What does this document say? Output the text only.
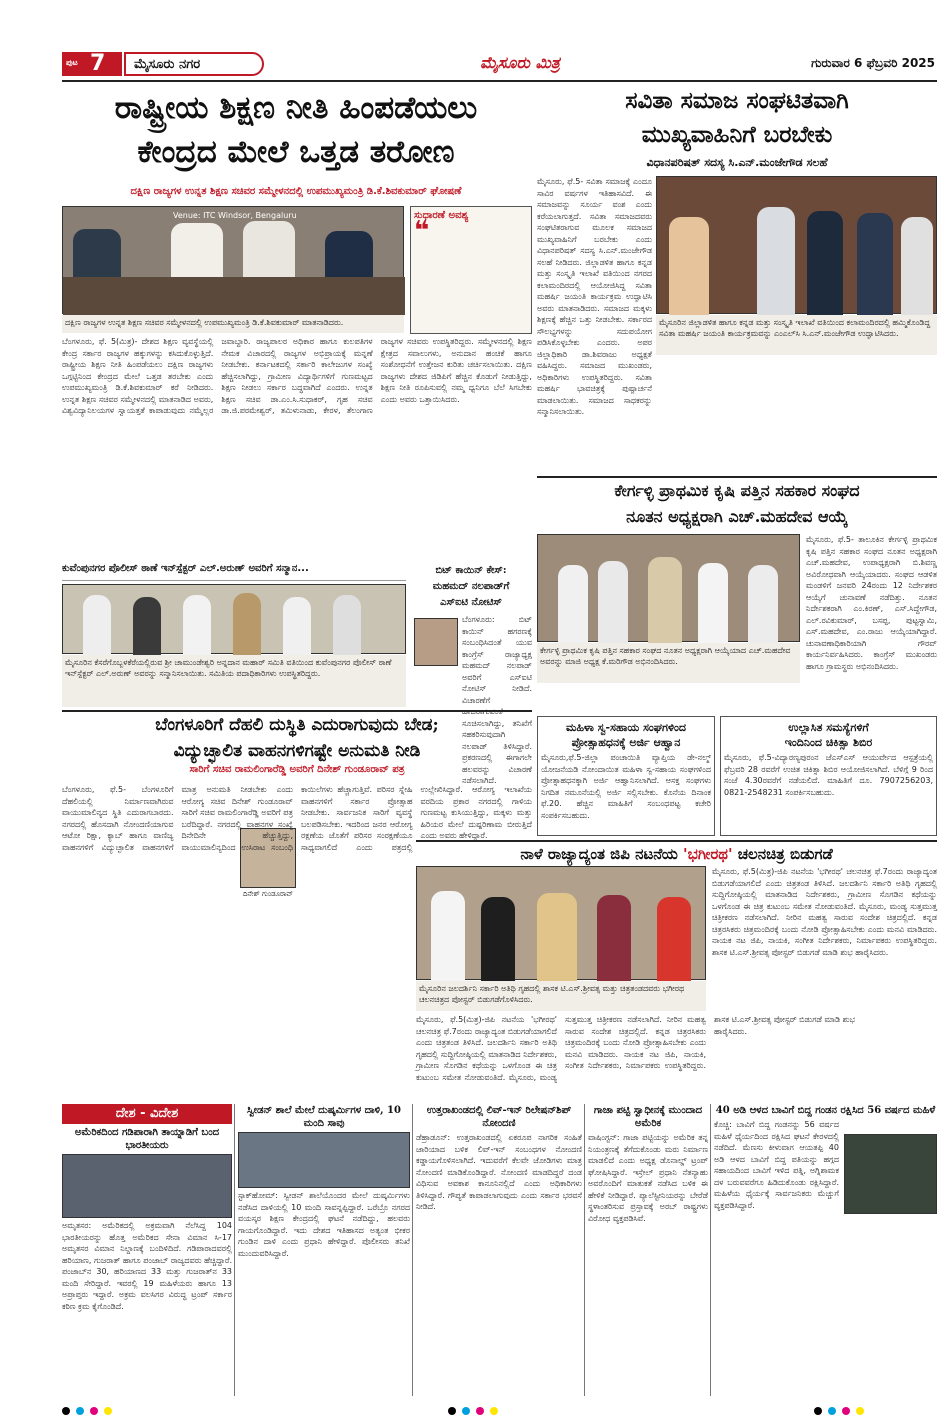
ಪುಟ 7	ಮೈಸೂರು ನಗರ	ಮೈಸೂರು ಮಿತ್ರ	ಗುರುವಾರ 6 ಫೆಬ್ರವರಿ 2025
ರಾಷ್ಟ್ರೀಯ ಶಿಕ್ಷಣ ನೀತಿ ಹಿಂಪಡೆಯಲು
ಕೇಂದ್ರದ ಮೇಲೆ ಒತ್ತಡ ತರೋಣ
ದಕ್ಷಿಣ ರಾಜ್ಯಗಳ ಉನ್ನತ ಶಿಕ್ಷಣ ಸಚಿವರ ಸಮ್ಮೇಳನದಲ್ಲಿ ಉಪಮುಖ್ಯಮಂತ್ರಿ ಡಿ.ಕೆ.ಶಿವಕುಮಾರ್ ಘೋಷಣೆ
Venue: ITC Windsor, Bengaluru
ದಕ್ಷಿಣ ರಾಜ್ಯಗಳ ಉನ್ನತ ಶಿಕ್ಷಣ ಸಚಿವರ ಸಮ್ಮೇಳನದಲ್ಲಿ ಉಪಮುಖ್ಯಮಂತ್ರಿ ಡಿ.ಕೆ.ಶಿವಕುಮಾರ್ ಮಾತನಾಡಿದರು.
ಸುಧಾರಣೆ ಅವಶ್ಯ
❝
ಬೆಂಗಳೂರು, ಫೆ. 5(ಮಿತ್ರ)- ದೇಶದ ಶಿಕ್ಷಣ ವ್ಯವಸ್ಥೆಯಲ್ಲಿ ಕೇಂದ್ರ ಸರ್ಕಾರ ರಾಜ್ಯಗಳ ಹಕ್ಕುಗಳನ್ನು ಕಸಿದುಕೊಳ್ಳುತ್ತಿದೆ. ರಾಷ್ಟ್ರೀಯ ಶಿಕ್ಷಣ ನೀತಿ ಹಿಂಪಡೆಯಲು ದಕ್ಷಿಣ ರಾಜ್ಯಗಳು ಒಗ್ಗಟ್ಟಿನಿಂದ ಕೇಂದ್ರದ ಮೇಲೆ ಒತ್ತಡ ತರಬೇಕು ಎಂದು ಉಪಮುಖ್ಯಮಂತ್ರಿ ಡಿ.ಕೆ.ಶಿವಕುಮಾರ್ ಕರೆ ನೀಡಿದರು. ಉನ್ನತ ಶಿಕ್ಷಣ ಸಚಿವರ ಸಮ್ಮೇಳನದಲ್ಲಿ ಮಾತನಾಡಿದ ಅವರು, ವಿಶ್ವವಿದ್ಯಾನಿಲಯಗಳ ಸ್ವಾಯತ್ತತೆ ಕಾಪಾಡುವುದು ನಮ್ಮೆಲ್ಲರ ಜವಾಬ್ದಾರಿ. ರಾಜ್ಯಪಾಲರ ಅಧಿಕಾರ ಹಾಗೂ ಕುಲಪತಿಗಳ ನೇಮಕ ವಿಚಾರದಲ್ಲಿ ರಾಜ್ಯಗಳ ಅಭಿಪ್ರಾಯಕ್ಕೆ ಮನ್ನಣೆ ನೀಡಬೇಕು. ಕರ್ನಾಟಕದಲ್ಲಿ ಸರ್ಕಾರಿ ಕಾಲೇಜುಗಳ ಸಂಖ್ಯೆ ಹೆಚ್ಚಿಸಲಾಗಿದ್ದು, ಗ್ರಾಮೀಣ ವಿದ್ಯಾರ್ಥಿಗಳಿಗೆ ಗುಣಮಟ್ಟದ ಶಿಕ್ಷಣ ನೀಡಲು ಸರ್ಕಾರ ಬದ್ಧವಾಗಿದೆ ಎಂದರು. ಉನ್ನತ ಶಿಕ್ಷಣ ಸಚಿವ ಡಾ.ಎಂ.ಸಿ.ಸುಧಾಕರ್, ಗೃಹ ಸಚಿವ ಡಾ.ಜಿ.ಪರಮೇಶ್ವರ್, ತಮಿಳುನಾಡು, ಕೇರಳ, ತೆಲಂಗಾಣ ರಾಜ್ಯಗಳ ಸಚಿವರು ಉಪಸ್ಥಿತರಿದ್ದರು. ಸಮ್ಮೇಳನದಲ್ಲಿ ಶಿಕ್ಷಣ ಕ್ಷೇತ್ರದ ಸವಾಲುಗಳು, ಅನುದಾನ ಹಂಚಿಕೆ ಹಾಗೂ ಸಂಶೋಧನೆಗೆ ಉತ್ತೇಜನ ಕುರಿತು ಚರ್ಚಿಸಲಾಯಿತು. ದಕ್ಷಿಣ ರಾಜ್ಯಗಳು ದೇಶದ ಜಿಡಿಪಿಗೆ ಹೆಚ್ಚಿನ ಕೊಡುಗೆ ನೀಡುತ್ತಿದ್ದು, ಶಿಕ್ಷಣ ನೀತಿ ರೂಪಿಸುವಲ್ಲಿ ನಮ್ಮ ಧ್ವನಿಗೂ ಬೆಲೆ ಸಿಗಬೇಕು ಎಂದು ಅವರು ಒತ್ತಾಯಿಸಿದರು.
ಸವಿತಾ ಸಮಾಜ ಸಂಘಟಿತವಾಗಿ
ಮುಖ್ಯವಾಹಿನಿಗೆ ಬರಬೇಕು
ವಿಧಾನಪರಿಷತ್ ಸದಸ್ಯ ಸಿ.ಎನ್.ಮಂಜೇಗೌಡ ಸಲಹೆ
ಮೈಸೂರು, ಫೆ.5- ಸವಿತಾ ಸಮಾಜಕ್ಕೆ ಎಂದೂ ಸಾವಿರ ವರ್ಷಗಳ ಇತಿಹಾಸವಿದೆ. ಈ ಸಮಾಜವನ್ನು ಸೂರ್ಯ ವಂಶ ಎಂದು ಕರೆಯಲಾಗುತ್ತದೆ. ಸವಿತಾ ಸಮಾಜದವರು ಸಂಘಟಿತರಾಗುವ ಮೂಲಕ ಸಮಾಜದ ಮುಖ್ಯವಾಹಿನಿಗೆ ಬರಬೇಕು ಎಂದು ವಿಧಾನಪರಿಷತ್ ಸದಸ್ಯ ಸಿ.ಎನ್.ಮಂಜೇಗೌಡ ಸಲಹೆ ನೀಡಿದರು. ಜಿಲ್ಲಾಡಳಿತ ಹಾಗೂ ಕನ್ನಡ ಮತ್ತು ಸಂಸ್ಕೃತಿ ಇಲಾಖೆ ವತಿಯಿಂದ ನಗರದ ಕಲಾಮಂದಿರದಲ್ಲಿ ಆಯೋಜಿಸಿದ್ದ ಸವಿತಾ ಮಹರ್ಷಿ ಜಯಂತಿ ಕಾರ್ಯಕ್ರಮ ಉದ್ಘಾಟಿಸಿ ಅವರು ಮಾತನಾಡಿದರು. ಸಮಾಜದ ಮಕ್ಕಳು ಶಿಕ್ಷಣಕ್ಕೆ ಹೆಚ್ಚಿನ ಒತ್ತು ನೀಡಬೇಕು. ಸರ್ಕಾರದ ಸೌಲಭ್ಯಗಳನ್ನು ಸದುಪಯೋಗ ಪಡಿಸಿಕೊಳ್ಳಬೇಕು ಎಂದರು. ಅಪರ ಜಿಲ್ಲಾಧಿಕಾರಿ ಡಾ.ಶಿವರಾಜು ಅಧ್ಯಕ್ಷತೆ ವಹಿಸಿದ್ದರು. ಸಮಾಜದ ಮುಖಂಡರು, ಅಧಿಕಾರಿಗಳು ಉಪಸ್ಥಿತರಿದ್ದರು. ಸವಿತಾ ಮಹರ್ಷಿ ಭಾವಚಿತ್ರಕ್ಕೆ ಪುಷ್ಪಾರ್ಚನೆ ಮಾಡಲಾಯಿತು. ಸಮಾಜದ ಸಾಧಕರನ್ನು ಸನ್ಮಾನಿಸಲಾಯಿತು.
ಮೈಸೂರಿನ ಜಿಲ್ಲಾಡಳಿತ ಹಾಗೂ ಕನ್ನಡ ಮತ್ತು ಸಂಸ್ಕೃತಿ ಇಲಾಖೆ ವತಿಯಿಂದ ಕಲಾಮಂದಿರದಲ್ಲಿ ಹಮ್ಮಿಕೊಂಡಿದ್ದ ಸವಿತಾ ಮಹರ್ಷಿ ಜಯಂತಿ ಕಾರ್ಯಕ್ರಮವನ್ನು ಎಂಎಲ್‌ಸಿ ಸಿ.ಎನ್.ಮಂಜೇಗೌಡ ಉದ್ಘಾಟಿಸಿದರು.
ಕೇರ್ಗಳ್ಳಿ ಪ್ರಾಥಮಿಕ ಕೃಷಿ ಪತ್ತಿನ ಸಹಕಾರ ಸಂಘದ
ನೂತನ ಅಧ್ಯಕ್ಷರಾಗಿ ಎಚ್.ಮಹದೇವ ಆಯ್ಕೆ
ಕೇರ್ಗಳ್ಳಿ ಪ್ರಾಥಮಿಕ ಕೃಷಿ ಪತ್ತಿನ ಸಹಕಾರ ಸಂಘದ ನೂತನ ಅಧ್ಯಕ್ಷರಾಗಿ ಆಯ್ಕೆಯಾದ ಎಚ್.ಮಹದೇವ ಅವರನ್ನು ಮಾಜಿ ಅಧ್ಯಕ್ಷ ಕೆ.ಮರಿಗೌಡ ಅಭಿನಂದಿಸಿದರು.
ಮೈಸೂರು, ಫೆ.5- ತಾಲೂಕಿನ ಕೇರ್ಗಳ್ಳಿ ಪ್ರಾಥಮಿಕ ಕೃಷಿ ಪತ್ತಿನ ಸಹಕಾರ ಸಂಘದ ನೂತನ ಅಧ್ಯಕ್ಷರಾಗಿ ಎಚ್.ಮಹದೇವ, ಉಪಾಧ್ಯಕ್ಷರಾಗಿ ಬಿ.ಶಿವಣ್ಣ ಅವಿರೋಧವಾಗಿ ಆಯ್ಕೆಯಾದರು. ಸಂಘದ ಆಡಳಿತ ಮಂಡಳಿಗೆ ಜನವರಿ 24ರಂದು 12 ನಿರ್ದೇಶಕರ ಆಯ್ಕೆಗೆ ಚುನಾವಣೆ ನಡೆದಿತ್ತು. ನೂತನ ನಿರ್ದೇಶಕರಾಗಿ ಎಂ.ಕಿರಣ್, ಎಸ್.ಸಿದ್ದೇಗೌಡ, ಎಲ್.ರವಿಕುಮಾರ್, ಬಸಪ್ಪ, ಪುಟ್ಟಸ್ವಾಮಿ, ಎಸ್.ಮಹದೇವ, ಎಂ.ರಾಜು ಆಯ್ಕೆಯಾಗಿದ್ದಾರೆ. ಚುನಾವಣಾಧಿಕಾರಿಯಾಗಿ ಗೌರವ್ ಕಾರ್ಯನಿರ್ವಹಿಸಿದರು. ಕಾಂಗ್ರೆಸ್ ಮುಖಂಡರು ಹಾಗೂ ಗ್ರಾಮಸ್ಥರು ಅಭಿನಂದಿಸಿದರು.
ಕುವೆಂಪುನಗರ ಪೊಲೀಸ್ ಠಾಣೆ ಇನ್‌ಸ್ಪೆಕ್ಟರ್ ಎಲ್.ಅರುಣ್ ಅವರಿಗೆ ಸನ್ಮಾನ...
ಮೈಸೂರಿನ ಕೆಸರೆಗೊಬ್ಬಳಕೆರೆಯಲ್ಲಿರುವ ಶ್ರೀ ಚಾಮುಂಡೇಶ್ವರಿ ಅನ್ನದಾನ ಮಹಾರ್ ಸಮಿತಿ ವತಿಯಿಂದ ಕುವೆಂಪುನಗರ ಪೊಲೀಸ್ ಠಾಣೆ ಇನ್‌ಸ್ಪೆಕ್ಟರ್ ಎಲ್.ಅರುಣ್ ಅವರನ್ನು ಸನ್ಮಾನಿಸಲಾಯಿತು. ಸಮಿತಿಯ ಪದಾಧಿಕಾರಿಗಳು ಉಪಸ್ಥಿತರಿದ್ದರು.
ಬಿಟ್ ಕಾಯಿನ್ ಕೇಸ್:
ಮಹಮದ್ ನಲಪಾಡ್‌ಗೆ
ಎಸ್‌ಐಟಿ ನೋಟಿಸ್
ಬೆಂಗಳೂರು: ಬಿಟ್ ಕಾಯಿನ್ ಹಗರಣಕ್ಕೆ ಸಂಬಂಧಿಸಿದಂತೆ ಯುವ ಕಾಂಗ್ರೆಸ್ ರಾಜ್ಯಾಧ್ಯಕ್ಷ ಮಹಮದ್ ನಲಪಾಡ್ ಅವರಿಗೆ ಎಸ್‌ಐಟಿ ನೋಟಿಸ್ ನೀಡಿದೆ. ವಿಚಾರಣೆಗೆ ಹಾಜರಾಗುವಂತೆ ಸೂಚಿಸಲಾಗಿದ್ದು, ತನಿಖೆಗೆ ಸಹಕರಿಸುವುದಾಗಿ ನಲಪಾಡ್ ತಿಳಿಸಿದ್ದಾರೆ. ಪ್ರಕರಣದಲ್ಲಿ ಈಗಾಗಲೇ ಹಲವರನ್ನು ವಿಚಾರಣೆ ನಡೆಸಲಾಗಿದೆ.
ಬೆಂಗಳೂರಿಗೆ ದೆಹಲಿ ದುಸ್ಥಿತಿ ಎದುರಾಗುವುದು ಬೇಡ;
ವಿದ್ಯುಚ್ಛಾಲಿತ ವಾಹನಗಳಿಗಷ್ಟೇ ಅನುಮತಿ ನೀಡಿ
ಸಾರಿಗೆ ಸಚಿವ ರಾಮಲಿಂಗಾರೆಡ್ಡಿ ಅವರಿಗೆ ದಿನೇಶ್ ಗುಂಡೂರಾವ್ ಪತ್ರ
ದಿನೇಶ್ ಗುಂಡೂರಾವ್
ಬೆಂಗಳೂರು, ಫೆ.5- ಬೆಂಗಳೂರಿಗೆ ದೆಹಲಿಯಲ್ಲಿ ನಿರ್ಮಾಣವಾಗಿರುವ ವಾಯುಮಾಲಿನ್ಯದ ಸ್ಥಿತಿ ಎದುರಾಗಬಾರದು. ನಗರದಲ್ಲಿ ಹೊಸದಾಗಿ ನೋಂದಣಿಯಾಗುವ ಆಟೋ ರಿಕ್ಷಾ, ಕ್ಯಾಬ್ ಹಾಗೂ ವಾಣಿಜ್ಯ ವಾಹನಗಳಿಗೆ ವಿದ್ಯುಚ್ಛಾಲಿತ ವಾಹನಗಳಿಗೆ ಮಾತ್ರ ಅನುಮತಿ ನೀಡಬೇಕು ಎಂದು ಆರೋಗ್ಯ ಸಚಿವ ದಿನೇಶ್ ಗುಂಡೂರಾವ್ ಸಾರಿಗೆ ಸಚಿವ ರಾಮಲಿಂಗಾರೆಡ್ಡಿ ಅವರಿಗೆ ಪತ್ರ ಬರೆದಿದ್ದಾರೆ. ನಗರದಲ್ಲಿ ವಾಹನಗಳ ಸಂಖ್ಯೆ ದಿನೇದಿನೇ ಹೆಚ್ಚುತ್ತಿದ್ದು, ವಾಯುಮಾಲಿನ್ಯದಿಂದ ಉಸಿರಾಟ ಸಂಬಂಧಿ ಕಾಯಿಲೆಗಳು ಹೆಚ್ಚಾಗುತ್ತಿವೆ. ಪರಿಸರ ಸ್ನೇಹಿ ವಾಹನಗಳಿಗೆ ಸರ್ಕಾರ ಪ್ರೋತ್ಸಾಹ ನೀಡಬೇಕು. ಸಾರ್ವಜನಿಕ ಸಾರಿಗೆ ವ್ಯವಸ್ಥೆ ಬಲಪಡಿಸಬೇಕು. ಇದರಿಂದ ಜನರ ಆರೋಗ್ಯ ರಕ್ಷಣೆಯ ಜೊತೆಗೆ ಪರಿಸರ ಸಂರಕ್ಷಣೆಯೂ ಸಾಧ್ಯವಾಗಲಿದೆ ಎಂದು ಪತ್ರದಲ್ಲಿ ಉಲ್ಲೇಖಿಸಿದ್ದಾರೆ. ಆರೋಗ್ಯ ಇಲಾಖೆಯ ವರದಿಯ ಪ್ರಕಾರ ನಗರದಲ್ಲಿ ಗಾಳಿಯ ಗುಣಮಟ್ಟ ಕುಸಿಯುತ್ತಿದ್ದು, ಮಕ್ಕಳು ಮತ್ತು ಹಿರಿಯರ ಮೇಲೆ ದುಷ್ಪರಿಣಾಮ ಬೀರುತ್ತಿದೆ ಎಂದು ಅವರು ಹೇಳಿದ್ದಾರೆ.
ಮಹಿಳಾ ಸ್ವ-ಸಹಾಯ ಸಂಘಗಳಿಂದ
ಪ್ರೋತ್ಸಾಹಧನಕ್ಕೆ ಅರ್ಜಿ ಆಹ್ವಾನ
ಮೈಸೂರು,ಫೆ.5-ಜಿಲ್ಲಾ ಪಂಚಾಯಿತಿ ವ್ಯಾಪ್ತಿಯ ಡೇ-ನಲ್ಮ್ ಯೋಜನೆಯಡಿ ನೋಂದಾಯಿತ ಮಹಿಳಾ ಸ್ವ-ಸಹಾಯ ಸಂಘಗಳಿಂದ ಪ್ರೋತ್ಸಾಹಧನಕ್ಕಾಗಿ ಅರ್ಜಿ ಆಹ್ವಾನಿಸಲಾಗಿದೆ. ಆಸಕ್ತ ಸಂಘಗಳು ನಿಗದಿತ ನಮೂನೆಯಲ್ಲಿ ಅರ್ಜಿ ಸಲ್ಲಿಸಬೇಕು. ಕೊನೆಯ ದಿನಾಂಕ ಫೆ.20. ಹೆಚ್ಚಿನ ಮಾಹಿತಿಗೆ ಸಂಬಂಧಪಟ್ಟ ಕಚೇರಿ ಸಂಪರ್ಕಿಸಬಹುದು.
ಉಲ್ಲಾಸಿತ ಸಮಸ್ಯೆಗಳಿಗೆ
ಇಂದಿನಿಂದ ಚಿಕಿತ್ಸಾ ಶಿಬಿರ
ಮೈಸೂರು, ಫೆ.5-ವಿದ್ಯಾರಣ್ಯಪುರಂನ ಜೆಎಸ್‌ಎಸ್ ಆಯುರ್ವೇದ ಆಸ್ಪತ್ರೆಯಲ್ಲಿ ಫೆಬ್ರವರಿ 28 ರವರೆಗೆ ಉಚಿತ ಚಿಕಿತ್ಸಾ ಶಿಬಿರ ಆಯೋಜಿಸಲಾಗಿದೆ. ಬೆಳಿಗ್ಗೆ 9 ರಿಂದ ಸಂಜೆ 4.30ರವರೆಗೆ ನಡೆಯಲಿದೆ. ಮಾಹಿತಿಗೆ ದೂ. 7907256203, 0821-2548231 ಸಂಪರ್ಕಿಸಬಹುದು.
ನಾಳೆ ರಾಜ್ಯಾದ್ಯಂತ ಜಿಪಿ ನಟನೆಯ 'ಭಗೀರಥ' ಚಲನಚಿತ್ರ ಬಿಡುಗಡೆ
ಮೈಸೂರಿನ ಜಲದರ್ಶಿನಿ ಸರ್ಕಾರಿ ಅತಿಥಿ ಗೃಹದಲ್ಲಿ ಶಾಸಕ ಟಿ.ಎಸ್.ಶ್ರೀವತ್ಸ ಮತ್ತು ಚಿತ್ರತಂಡದವರು ಭಗೀರಥ ಚಲನಚಿತ್ರದ ಪೋಸ್ಟರ್ ಬಿಡುಗಡೆಗೊಳಿಸಿದರು.
ಮೈಸೂರು, ಫೆ.5(ಮಿತ್ರ)-ಜಿಪಿ ನಟನೆಯ 'ಭಗೀರಥ' ಚಲನಚಿತ್ರ ಫೆ.7ರಂದು ರಾಜ್ಯಾದ್ಯಂತ ಬಿಡುಗಡೆಯಾಗಲಿದೆ ಎಂದು ಚಿತ್ರತಂಡ ತಿಳಿಸಿದೆ. ಜಲದರ್ಶಿನಿ ಸರ್ಕಾರಿ ಅತಿಥಿ ಗೃಹದಲ್ಲಿ ಸುದ್ದಿಗೋಷ್ಠಿಯಲ್ಲಿ ಮಾತನಾಡಿದ ನಿರ್ದೇಶಕರು, ಗ್ರಾಮೀಣ ಸೊಗಡಿನ ಕಥೆಯನ್ನು ಒಳಗೊಂಡ ಈ ಚಿತ್ರ ಕುಟುಂಬ ಸಮೇತ ನೋಡುವಂತಿದೆ. ಮೈಸೂರು, ಮಂಡ್ಯ ಸುತ್ತಮುತ್ತ ಚಿತ್ರೀಕರಣ ನಡೆಸಲಾಗಿದೆ. ನೀರಿನ ಮಹತ್ವ ಸಾರುವ ಸಂದೇಶ ಚಿತ್ರದಲ್ಲಿದೆ. ಕನ್ನಡ ಚಿತ್ರರಸಿಕರು ಚಿತ್ರಮಂದಿರಕ್ಕೆ ಬಂದು ನೋಡಿ ಪ್ರೋತ್ಸಾಹಿಸಬೇಕು ಎಂದು ಮನವಿ ಮಾಡಿದರು. ನಾಯಕ ನಟ ಜಿಪಿ, ನಾಯಕಿ, ಸಂಗೀತ ನಿರ್ದೇಶಕರು, ನಿರ್ಮಾಪಕರು ಉಪಸ್ಥಿತರಿದ್ದರು. ಶಾಸಕ ಟಿ.ಎಸ್.ಶ್ರೀವತ್ಸ ಪೋಸ್ಟರ್ ಬಿಡುಗಡೆ ಮಾಡಿ ಶುಭ ಹಾರೈಸಿದರು.
ಮೈಸೂರು, ಫೆ.5(ಮಿತ್ರ)-ಜಿಪಿ ನಟನೆಯ 'ಭಗೀರಥ' ಚಲನಚಿತ್ರ ಫೆ.7ರಂದು ರಾಜ್ಯಾದ್ಯಂತ ಬಿಡುಗಡೆಯಾಗಲಿದೆ ಎಂದು ಚಿತ್ರತಂಡ ತಿಳಿಸಿದೆ. ಜಲದರ್ಶಿನಿ ಸರ್ಕಾರಿ ಅತಿಥಿ ಗೃಹದಲ್ಲಿ ಸುದ್ದಿಗೋಷ್ಠಿಯಲ್ಲಿ ಮಾತನಾಡಿದ ನಿರ್ದೇಶಕರು, ಗ್ರಾಮೀಣ ಸೊಗಡಿನ ಕಥೆಯನ್ನು ಒಳಗೊಂಡ ಈ ಚಿತ್ರ ಕುಟುಂಬ ಸಮೇತ ನೋಡುವಂತಿದೆ. ಮೈಸೂರು, ಮಂಡ್ಯ ಸುತ್ತಮುತ್ತ ಚಿತ್ರೀಕರಣ ನಡೆಸಲಾಗಿದೆ. ನೀರಿನ ಮಹತ್ವ ಸಾರುವ ಸಂದೇಶ ಚಿತ್ರದಲ್ಲಿದೆ. ಕನ್ನಡ ಚಿತ್ರರಸಿಕರು ಚಿತ್ರಮಂದಿರಕ್ಕೆ ಬಂದು ನೋಡಿ ಪ್ರೋತ್ಸಾಹಿಸಬೇಕು ಎಂದು ಮನವಿ ಮಾಡಿದರು. ನಾಯಕ ನಟ ಜಿಪಿ, ನಾಯಕಿ, ಸಂಗೀತ ನಿರ್ದೇಶಕರು, ನಿರ್ಮಾಪಕರು ಉಪಸ್ಥಿತರಿದ್ದರು. ಶಾಸಕ ಟಿ.ಎಸ್.ಶ್ರೀವತ್ಸ ಪೋಸ್ಟರ್ ಬಿಡುಗಡೆ ಮಾಡಿ ಶುಭ ಹಾರೈಸಿದರು.
ದೇಶ - ವಿದೇಶ
ಅಮೆರಿಕದಿಂದ ಗಡಿಪಾರಾಗಿ ತಾಯ್ನಾಡಿಗೆ ಬಂದ ಭಾರತೀಯರು
ಅಮೃತಸರ: ಅಮೆರಿಕದಲ್ಲಿ ಅಕ್ರಮವಾಗಿ ನೆಲೆಸಿದ್ದ 104 ಭಾರತೀಯರನ್ನು ಹೊತ್ತ ಅಮೆರಿಕದ ಸೇನಾ ವಿಮಾನ ಸಿ-17 ಅಮೃತಸರ ವಿಮಾನ ನಿಲ್ದಾಣಕ್ಕೆ ಬಂದಿಳಿದಿದೆ. ಗಡಿಪಾರಾದವರಲ್ಲಿ ಹರಿಯಾಣ, ಗುಜರಾತ್ ಹಾಗೂ ಪಂಜಾಬ್ ರಾಜ್ಯದವರು ಹೆಚ್ಚಿದ್ದಾರೆ. ಪಂಜಾಬ್‌ನ 30, ಹರಿಯಾಣದ 33 ಮತ್ತು ಗುಜರಾತ್‌ನ 33 ಮಂದಿ ಸೇರಿದ್ದಾರೆ. ಇವರಲ್ಲಿ 19 ಮಹಿಳೆಯರು ಹಾಗೂ 13 ಅಪ್ರಾಪ್ತರು ಇದ್ದಾರೆ. ಅಕ್ರಮ ವಲಸಿಗರ ವಿರುದ್ಧ ಟ್ರಂಪ್ ಸರ್ಕಾರ ಕಠಿಣ ಕ್ರಮ ಕೈಗೊಂಡಿದೆ.
ಸ್ವೀಡನ್ ಶಾಲೆ ಮೇಲೆ ದುಷ್ಕರ್ಮಿಗಳ ದಾಳಿ, 10 ಮಂದಿ ಸಾವು
ಸ್ಟಾಕ್‌ಹೋಮ್: ಸ್ವೀಡನ್ ಶಾಲೆಯೊಂದರ ಮೇಲೆ ದುಷ್ಕರ್ಮಿಗಳು ನಡೆಸಿದ ದಾಳಿಯಲ್ಲಿ 10 ಮಂದಿ ಸಾವನ್ನಪ್ಪಿದ್ದಾರೆ. ಒರೆಬ್ರೊ ನಗರದ ವಯಸ್ಕರ ಶಿಕ್ಷಣ ಕೇಂದ್ರದಲ್ಲಿ ಘಟನೆ ನಡೆದಿದ್ದು, ಹಲವರು ಗಾಯಗೊಂಡಿದ್ದಾರೆ. ಇದು ದೇಶದ ಇತಿಹಾಸದ ಅತ್ಯಂತ ಭೀಕರ ಗುಂಡಿನ ದಾಳಿ ಎಂದು ಪ್ರಧಾನಿ ಹೇಳಿದ್ದಾರೆ. ಪೊಲೀಸರು ತನಿಖೆ ಮುಂದುವರಿಸಿದ್ದಾರೆ.
ಉತ್ತರಾಖಂಡದಲ್ಲಿ ಲಿವ್-ಇನ್ ರಿಲೇಷನ್‌ಶಿಪ್ ನೋಂದಣಿ
ಡೆಹ್ರಾಡೂನ್: ಉತ್ತರಾಖಂಡದಲ್ಲಿ ಏಕರೂಪ ನಾಗರಿಕ ಸಂಹಿತೆ ಜಾರಿಯಾದ ಬಳಿಕ ಲಿವ್-ಇನ್ ಸಂಬಂಧಗಳ ನೋಂದಣಿ ಕಡ್ಡಾಯಗೊಳಿಸಲಾಗಿದೆ. ಇದುವರೆಗೆ ಕೆಲವೇ ಜೋಡಿಗಳು ಮಾತ್ರ ನೋಂದಣಿ ಮಾಡಿಕೊಂಡಿದ್ದಾರೆ. ನೋಂದಣಿ ಮಾಡದಿದ್ದರೆ ದಂಡ ವಿಧಿಸುವ ಅವಕಾಶ ಕಾನೂನಿನಲ್ಲಿದೆ ಎಂದು ಅಧಿಕಾರಿಗಳು ತಿಳಿಸಿದ್ದಾರೆ. ಗೌಪ್ಯತೆ ಕಾಪಾಡಲಾಗುವುದು ಎಂದು ಸರ್ಕಾರ ಭರವಸೆ ನೀಡಿದೆ.
ಗಾಜಾ ಪಟ್ಟಿ ಸ್ವಾಧೀನಕ್ಕೆ ಮುಂದಾದ ಅಮೆರಿಕ
ವಾಷಿಂಗ್ಟನ್: ಗಾಜಾ ಪಟ್ಟಿಯನ್ನು ಅಮೆರಿಕ ತನ್ನ ನಿಯಂತ್ರಣಕ್ಕೆ ತೆಗೆದುಕೊಂಡು ಮರು ನಿರ್ಮಾಣ ಮಾಡಲಿದೆ ಎಂದು ಅಧ್ಯಕ್ಷ ಡೊನಾಲ್ಡ್ ಟ್ರಂಪ್ ಘೋಷಿಸಿದ್ದಾರೆ. ಇಸ್ರೇಲ್ ಪ್ರಧಾನಿ ನೆತನ್ಯಾಹು ಅವರೊಂದಿಗೆ ಮಾತುಕತೆ ನಡೆಸಿದ ಬಳಿಕ ಈ ಹೇಳಿಕೆ ನೀಡಿದ್ದಾರೆ. ಪ್ಯಾಲೆಸ್ಟೀನಿಯರನ್ನು ಬೇರೆಡೆ ಸ್ಥಳಾಂತರಿಸುವ ಪ್ರಸ್ತಾವಕ್ಕೆ ಅರಬ್ ರಾಷ್ಟ್ರಗಳು ವಿರೋಧ ವ್ಯಕ್ತಪಡಿಸಿವೆ.
40 ಅಡಿ ಆಳದ ಬಾವಿಗೆ ಬಿದ್ದ ಗಂಡನ ರಕ್ಷಿಸಿದ 56 ವರ್ಷದ ಮಹಿಳೆ
ಕೊಚ್ಚಿ: ಬಾವಿಗೆ ಬಿದ್ದ ಗಂಡನನ್ನು 56 ವರ್ಷದ ಮಹಿಳೆ ಧೈರ್ಯದಿಂದ ರಕ್ಷಿಸಿದ ಘಟನೆ ಕೇರಳದಲ್ಲಿ ನಡೆದಿದೆ. ಮೆಣಸು ಕೀಳುವಾಗ ಆಯತಪ್ಪಿ 40 ಅಡಿ ಆಳದ ಬಾವಿಗೆ ಬಿದ್ದ ಪತಿಯನ್ನು ಹಗ್ಗದ ಸಹಾಯದಿಂದ ಬಾವಿಗೆ ಇಳಿದ ಪತ್ನಿ, ಅಗ್ನಿಶಾಮಕ ದಳ ಬರುವವರೆಗೂ ಹಿಡಿದುಕೊಂಡು ರಕ್ಷಿಸಿದ್ದಾರೆ. ಮಹಿಳೆಯ ಧೈರ್ಯಕ್ಕೆ ಸಾರ್ವಜನಿಕರು ಮೆಚ್ಚುಗೆ ವ್ಯಕ್ತಪಡಿಸಿದ್ದಾರೆ.
